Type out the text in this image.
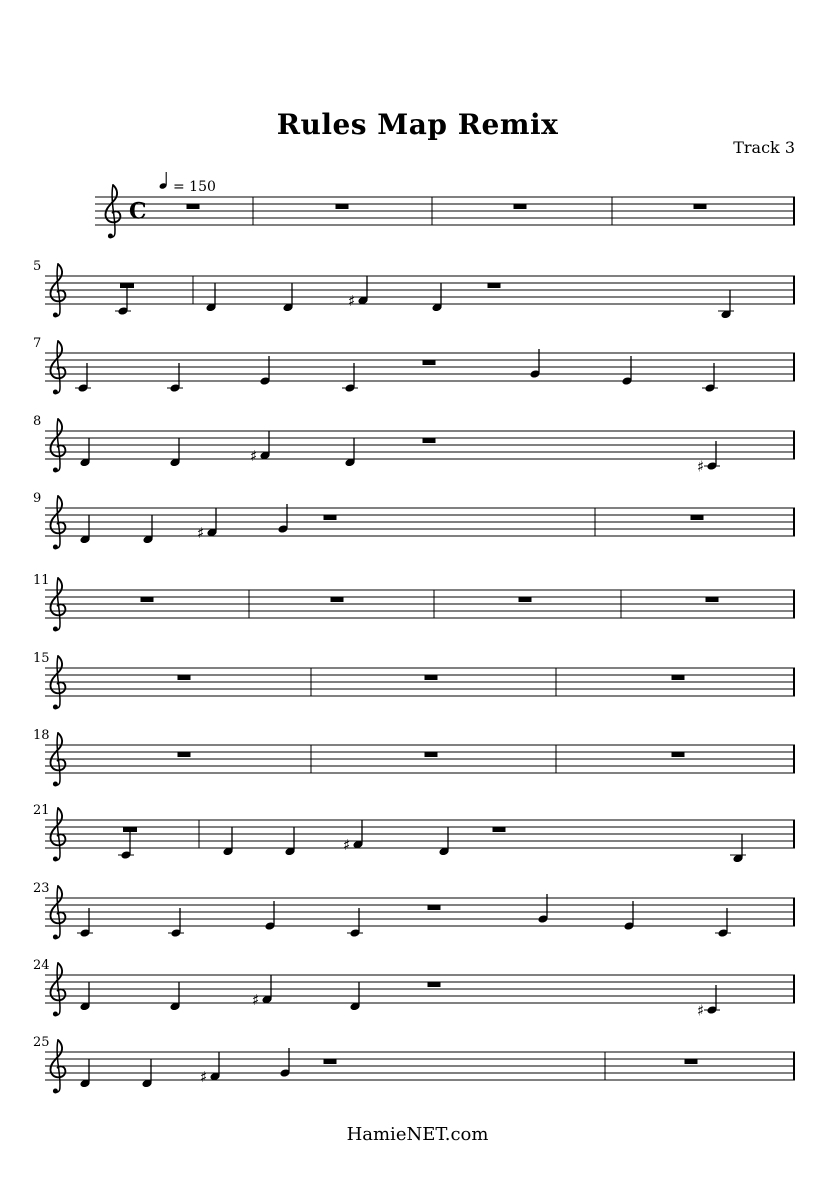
Rules Map Remix
Track 3
C
= 150
5
♯
7
8
♯
♯
9
♯
11
15
18
21
♯
23
24
♯
♯
25
♯
HamieNET.com
